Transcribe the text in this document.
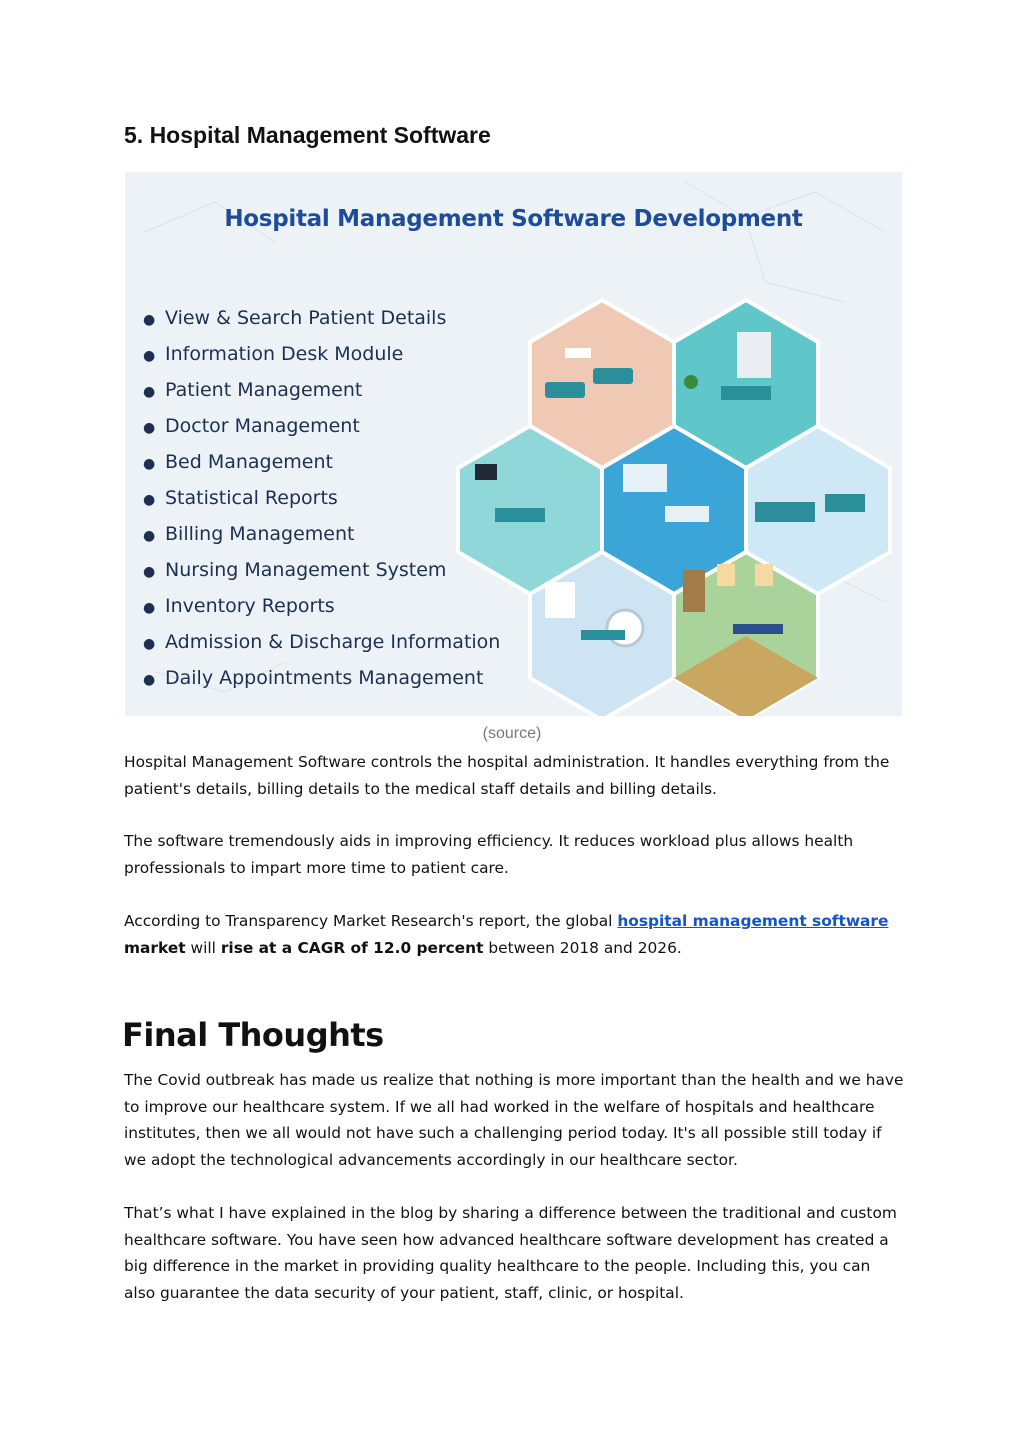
5. Hospital Management Software
Hospital Management Software Development
● View & Search Patient Details
● Information Desk Module
● Patient Management
● Doctor Management
● Bed Management
● Statistical Reports
● Billing Management
● Nursing Management System
● Inventory Reports
● Admission & Discharge Information
● Daily Appointments Management
(source)

Hospital Management Software controls the hospital administration. It handles everything from the patient's details, billing details to the medical staff details and billing details.

The software tremendously aids in improving efficiency. It reduces workload plus allows health professionals to impart more time to patient care.

According to Transparency Market Research's report, the global hospital management software market will rise at a CAGR of 12.0 percent between 2018 and 2026.

Final Thoughts

The Covid outbreak has made us realize that nothing is more important than the health and we have to improve our healthcare system. If we all had worked in the welfare of hospitals and healthcare institutes, then we all would not have such a challenging period today. It's all possible still today if we adopt the technological advancements accordingly in our healthcare sector.

That’s what I have explained in the blog by sharing a difference between the traditional and custom healthcare software. You have seen how advanced healthcare software development has created a big difference in the market in providing quality healthcare to the people. Including this, you can also guarantee the data security of your patient, staff, clinic, or hospital.
